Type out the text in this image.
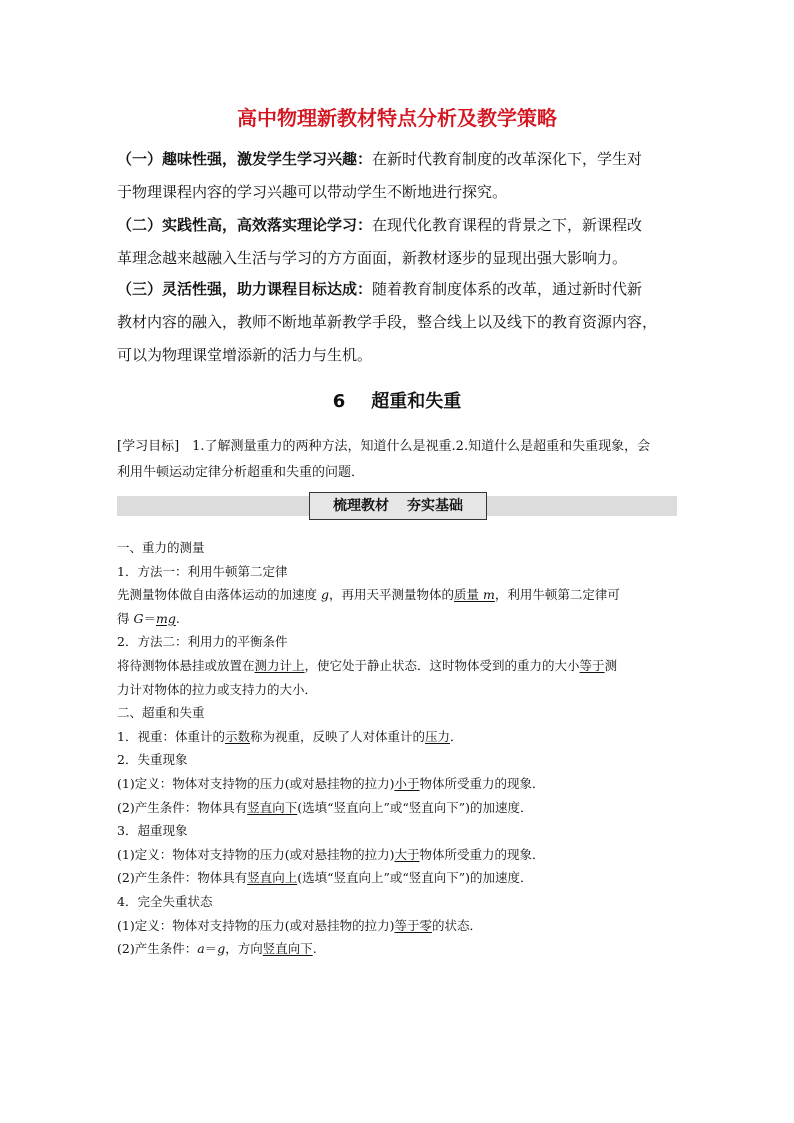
高中物理新教材特点分析及教学策略
（一）趣味性强，激发学生学习兴趣：在新时代教育制度的改革深化下，学生对
于物理课程内容的学习兴趣可以带动学生不断地进行探究。
（二）实践性高，高效落实理论学习：在现代化教育课程的背景之下，新课程改
革理念越来越融入生活与学习的方方面面，新教材逐步的显现出强大影响力。
（三）灵活性强，助力课程目标达成：随着教育制度体系的改革，通过新时代新
教材内容的融入，教师不断地革新教学手段，整合线上以及线下的教育资源内容，
可以为物理课堂增添新的活力与生机。
6 超重和失重
[学习目标]　1.了解测量重力的两种方法，知道什么是视重.2.知道什么是超重和失重现象，会
利用牛顿运动定律分析超重和失重的问题．
梳理教材 夯实基础
一、重力的测量
1．方法一：利用牛顿第二定律
先测量物体做自由落体运动的加速度 g，再用天平测量物体的质量 m，利用牛顿第二定律可
得 G＝mg.
2．方法二：利用力的平衡条件
将待测物体悬挂或放置在测力计上，使它处于静止状态．这时物体受到的重力的大小等于测
力计对物体的拉力或支持力的大小．
二、超重和失重
1．视重：体重计的示数称为视重，反映了人对体重计的压力．
2．失重现象
(1)定义：物体对支持物的压力(或对悬挂物的拉力)小于物体所受重力的现象．
(2)产生条件：物体具有竖直向下(选填“竖直向上”或“竖直向下”)的加速度．
3．超重现象
(1)定义：物体对支持物的压力(或对悬挂物的拉力)大于物体所受重力的现象．
(2)产生条件：物体具有竖直向上(选填“竖直向上”或“竖直向下”)的加速度．
4．完全失重状态
(1)定义：物体对支持物的压力(或对悬挂物的拉力)等于零的状态．
(2)产生条件：a＝g，方向竖直向下.
